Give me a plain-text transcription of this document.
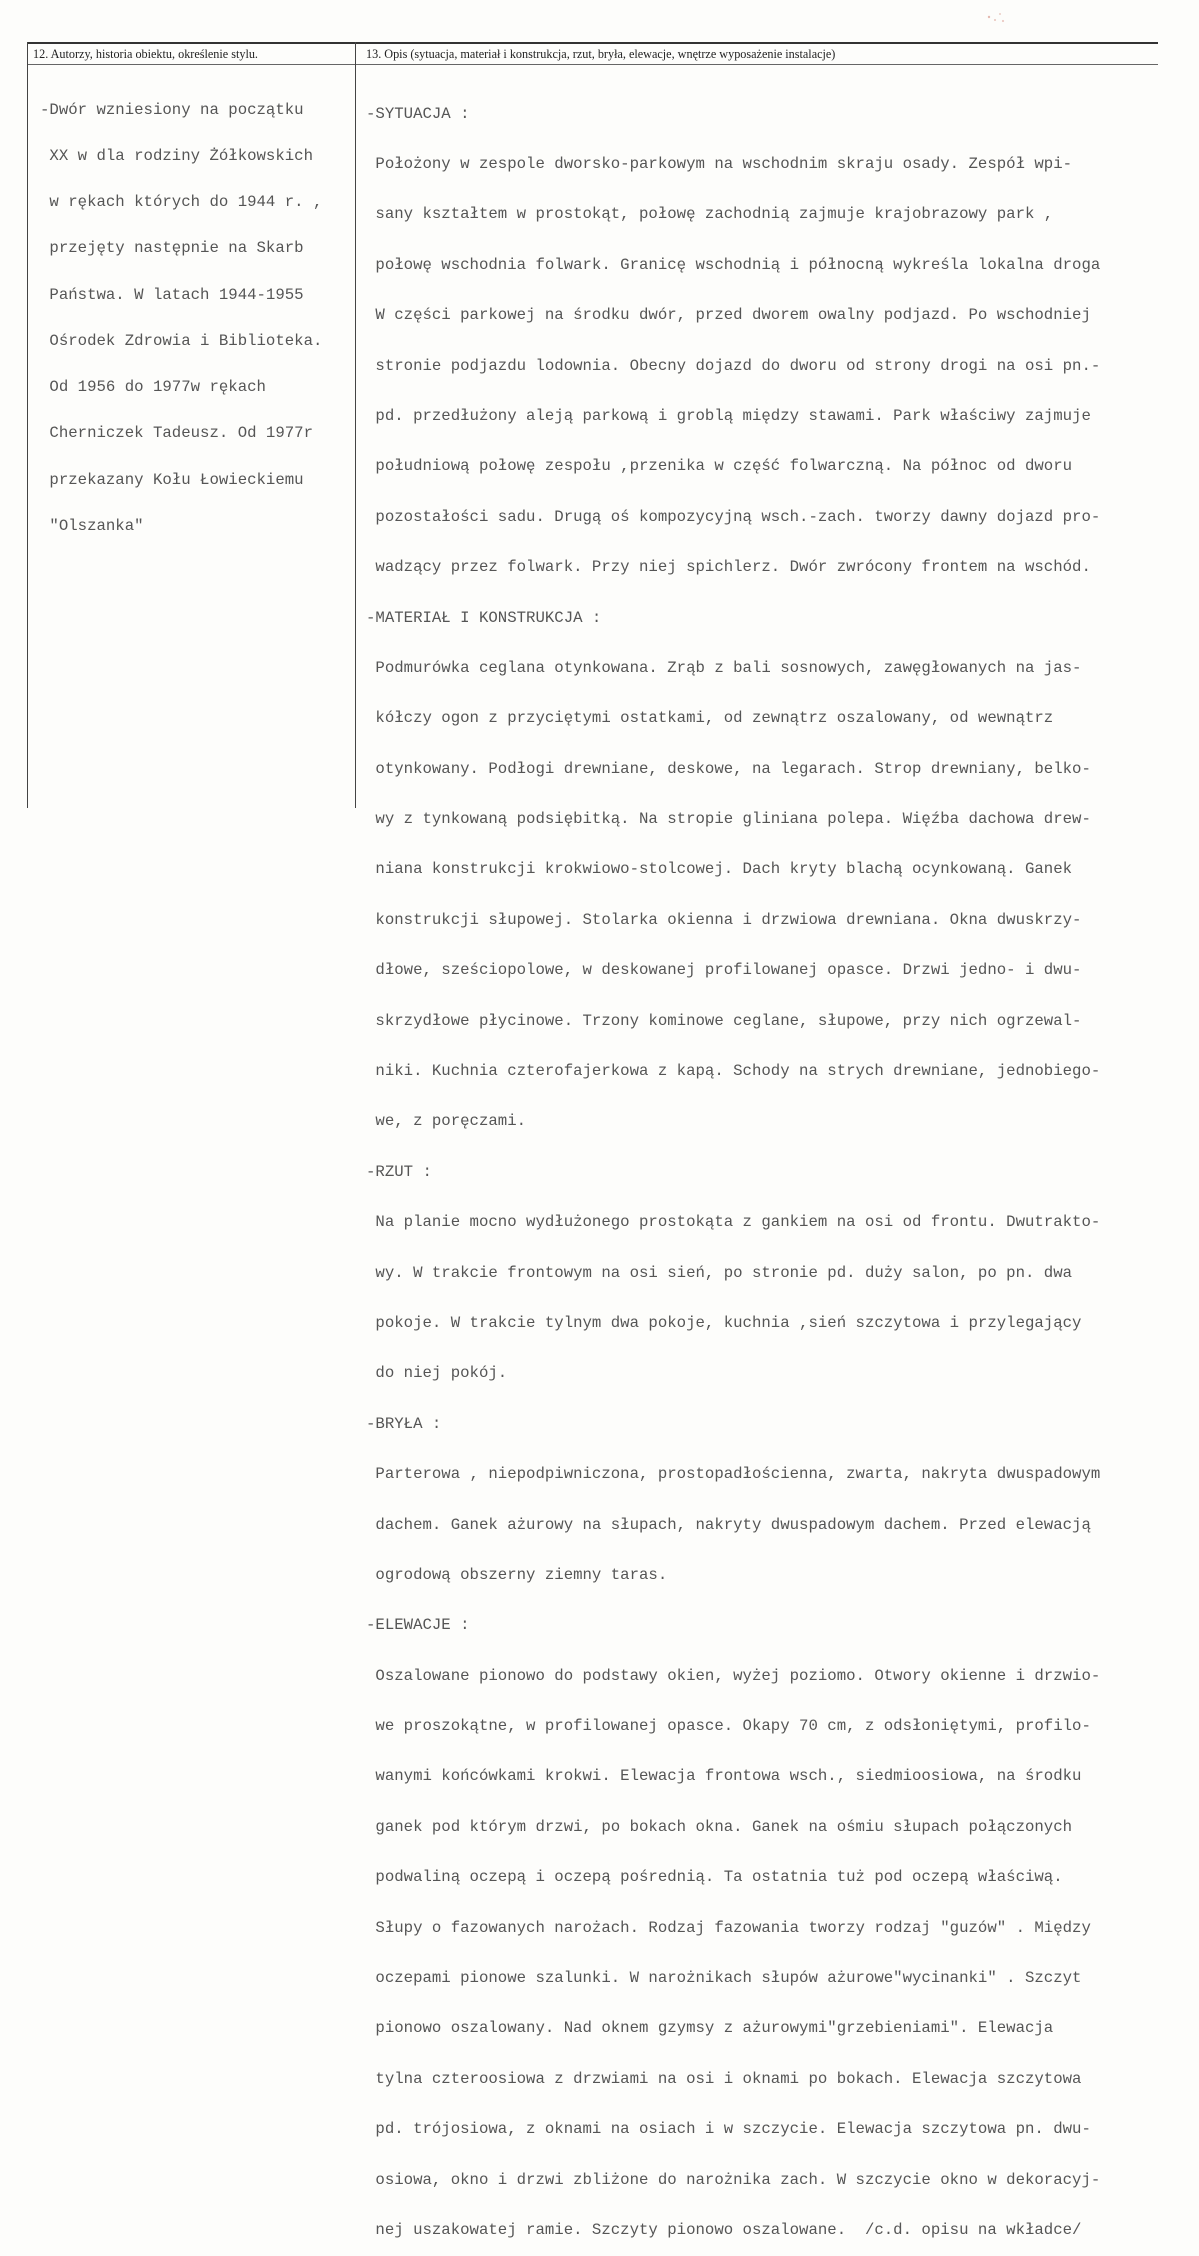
12. Autorzy, historia obiektu, określenie stylu.	13. Opis (sytuacja, materiał i konstrukcja, rzut, bryła, elewacje, wnętrze wyposażenie instalacje)

-Dwór wzniesiony na początku

XX w dla rodziny Żółkowskich

w rękach których do 1944 r. ,

przejęty następnie na Skarb

Państwa. W latach 1944-1955

Ośrodek Zdrowia i Biblioteka.

Od 1956 do 1977w rękach

Cherniczek Tadeusz. Od 1977r

przekazany Kołu Łowieckiemu

"Olszanka"

-SYTUACJA :

Położony w zespole dworsko-parkowym na wschodnim skraju osady. Zespół wpi-

sany kształtem w prostokąt, połowę zachodnią zajmuje krajobrazowy park ,

połowę wschodnia folwark. Granicę wschodnią i północną wykreśla lokalna droga

W części parkowej na środku dwór, przed dworem owalny podjazd. Po wschodniej

stronie podjazdu lodownia. Obecny dojazd do dworu od strony drogi na osi pn.-

pd. przedłużony aleją parkową i groblą między stawami. Park właściwy zajmuje

południową połowę zespołu ,przenika w część folwarczną. Na północ od dworu

pozostałości sadu. Drugą oś kompozycyjną wsch.-zach. tworzy dawny dojazd pro-

wadzący przez folwark. Przy niej spichlerz. Dwór zwrócony frontem na wschód.

-MATERIAŁ I KONSTRUKCJA :

Podmurówka ceglana otynkowana. Zrąb z bali sosnowych, zawęgłowanych na jas-

kółczy ogon z przyciętymi ostatkami, od zewnątrz oszalowany, od wewnątrz

otynkowany. Podłogi drewniane, deskowe, na legarach. Strop drewniany, belko-

wy z tynkowaną podsiębitką. Na stropie gliniana polepa. Więźba dachowa drew-

niana konstrukcji krokwiowo-stolcowej. Dach kryty blachą ocynkowaną. Ganek

konstrukcji słupowej. Stolarka okienna i drzwiowa drewniana. Okna dwuskrzy-

dłowe, sześciopolowe, w deskowanej profilowanej opasce. Drzwi jedno- i dwu-

skrzydłowe płycinowe. Trzony kominowe ceglane, słupowe, przy nich ogrzewal-

niki. Kuchnia czterofajerkowa z kapą. Schody na strych drewniane, jednobiego-

we, z poręczami.

-RZUT :

Na planie mocno wydłużonego prostokąta z gankiem na osi od frontu. Dwutrakto-

wy. W trakcie frontowym na osi sień, po stronie pd. duży salon, po pn. dwa

pokoje. W trakcie tylnym dwa pokoje, kuchnia ,sień szczytowa i przylegający

do niej pokój.

-BRYŁA :

Parterowa , niepodpiwniczona, prostopadłościenna, zwarta, nakryta dwuspadowym

dachem. Ganek ażurowy na słupach, nakryty dwuspadowym dachem. Przed elewacją

ogrodową obszerny ziemny taras.

-ELEWACJE :

Oszalowane pionowo do podstawy okien, wyżej poziomo. Otwory okienne i drzwio-

we proszokątne, w profilowanej opasce. Okapy 70 cm, z odsłoniętymi, profilo-

wanymi końcówkami krokwi. Elewacja frontowa wsch., siedmioosiowa, na środku

ganek pod którym drzwi, po bokach okna. Ganek na ośmiu słupach połączonych

podwaliną oczepą i oczepą pośrednią. Ta ostatnia tuż pod oczepą właściwą.

Słupy o fazowanych narożach. Rodzaj fazowania tworzy rodzaj "guzów" . Między

oczepami pionowe szalunki. W narożnikach słupów ażurowe"wycinanki" . Szczyt

pionowo oszalowany. Nad oknem gzymsy z ażurowymi"grzebieniami". Elewacja

tylna czteroosiowa z drzwiami na osi i oknami po bokach. Elewacja szczytowa

pd. trójosiowa, z oknami na osiach i w szczycie. Elewacja szczytowa pn. dwu-

osiowa, okno i drzwi zbliżone do narożnika zach. W szczycie okno w dekoracyj-

nej uszakowatej ramie. Szczyty pionowo oszalowane.  /c.d. opisu na wkładce/
